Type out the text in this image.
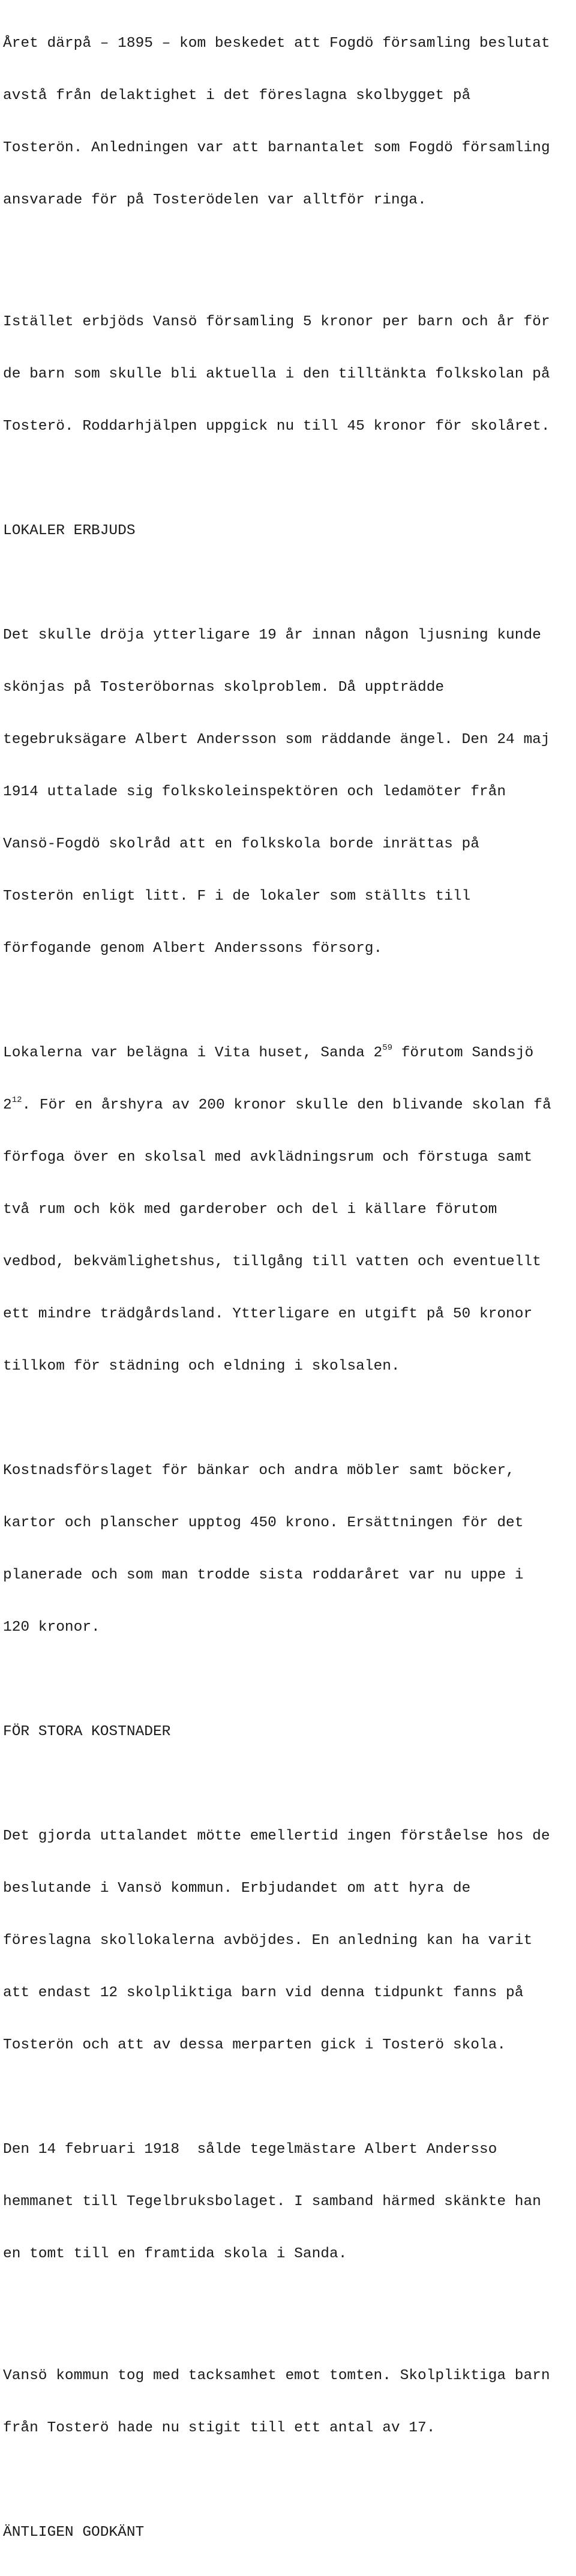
Året därpå – 1895 – kom beskedet att Fogdö församling beslutat

avstå från delaktighet i det föreslagna skolbygget på

Tosterön. Anledningen var att barnantalet som Fogdö församling

ansvarade för på Tosterödelen var alltför ringa.

Istället erbjöds Vansö församling 5 kronor per barn och år för

de barn som skulle bli aktuella i den tilltänkta folkskolan på

Tosterö. Roddarhjälpen uppgick nu till 45 kronor för skolåret.

LOKALER ERBJUDS

Det skulle dröja ytterligare 19 år innan någon ljusning kunde

skönjas på Tosteröbornas skolproblem. Då uppträdde

tegebruksägare Albert Andersson som räddande ängel. Den 24 maj

1914 uttalade sig folkskoleinspektören och ledamöter från

Vansö-Fogdö skolråd att en folkskola borde inrättas på

Tosterön enligt litt. F i de lokaler som ställts till

förfogande genom Albert Anderssons försorg.

Lokalerna var belägna i Vita huset, Sanda $2^{59}$ förutom Sandsjö

$2^{12}$. För en årshyra av 200 kronor skulle den blivande skolan få

förfoga över en skolsal med avklädningsrum och förstuga samt

två rum och kök med garderober och del i källare förutom

vedbod, bekvämlighetshus, tillgång till vatten och eventuellt

ett mindre trädgårdsland. Ytterligare en utgift på 50 kronor

tillkom för städning och eldning i skolsalen.

Kostnadsförslaget för bänkar och andra möbler samt böcker,

kartor och planscher upptog 450 krono. Ersättningen för det

planerade och som man trodde sista roddaråret var nu uppe i

120 kronor.

FÖR STORA KOSTNADER

Det gjorda uttalandet mötte emellertid ingen förståelse hos de

beslutande i Vansö kommun. Erbjudandet om att hyra de

föreslagna skollokalerna avböjdes. En anledning kan ha varit

att endast 12 skolpliktiga barn vid denna tidpunkt fanns på

Tosterön och att av dessa merparten gick i Tosterö skola.

Den 14 februari 1918  sålde tegelmästare Albert Andersso

hemmanet till Tegelbruksbolaget. I samband härmed skänkte han

en tomt till en framtida skola i Sanda.

Vansö kommun tog med tacksamhet emot tomten. Skolpliktiga barn

från Tosterö hade nu stigit till ett antal av 17.

ÄNTLIGEN GODKÄNT
